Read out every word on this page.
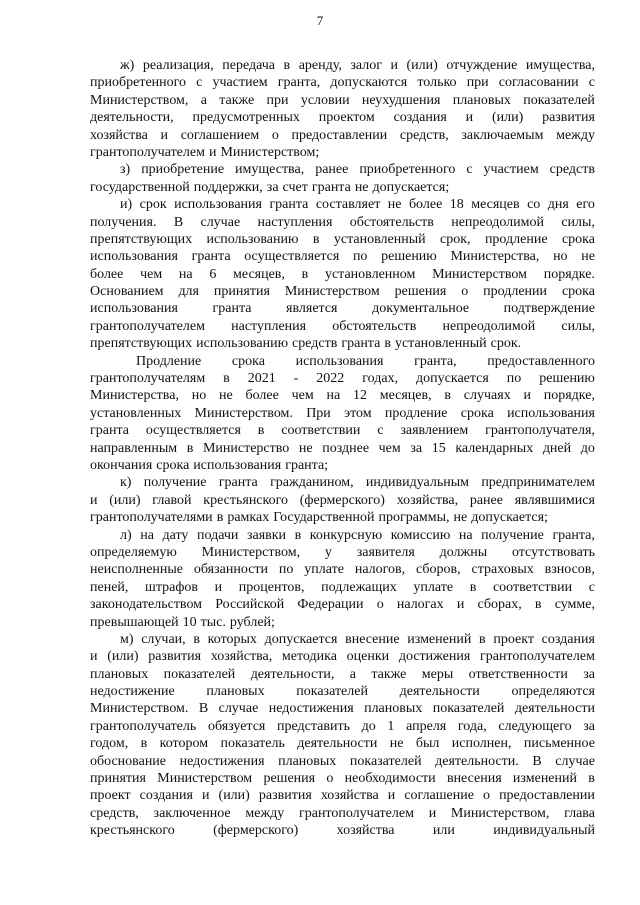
7
ж) реализация, передача в аренду, залог и (или) отчуждение имущества,
приобретенного с участием гранта, допускаются только при согласовании с
Министерством, а также при условии неухудшения плановых показателей
деятельности, предусмотренных проектом создания и (или) развития
хозяйства и соглашением о предоставлении средств, заключаемым между
грантополучателем и Министерством;
з) приобретение имущества, ранее приобретенного с участием средств
государственной поддержки, за счет гранта не допускается;
и) срок использования гранта составляет не более 18 месяцев со дня его
получения. В случае наступления обстоятельств непреодолимой силы,
препятствующих использованию в установленный срок, продление срока
использования гранта осуществляется по решению Министерства, но не
более чем на 6 месяцев, в установленном Министерством порядке.
Основанием для принятия Министерством решения о продлении срока
использования гранта является документальное подтверждение
грантополучателем наступления обстоятельств непреодолимой силы,
препятствующих использованию средств гранта в установленный срок.
Продление срока использования гранта, предоставленного
грантополучателям в 2021 - 2022 годах, допускается по решению
Министерства, но не более чем на 12 месяцев, в случаях и порядке,
установленных Министерством. При этом продление срока использования
гранта осуществляется в соответствии с заявлением грантополучателя,
направленным в Министерство не позднее чем за 15 календарных дней до
окончания срока использования гранта;
к) получение гранта гражданином, индивидуальным предпринимателем
и (или) главой крестьянского (фермерского) хозяйства, ранее являвшимися
грантополучателями в рамках Государственной программы, не допускается;
л) на дату подачи заявки в конкурсную комиссию на получение гранта,
определяемую Министерством, у заявителя должны отсутствовать
неисполненные обязанности по уплате налогов, сборов, страховых взносов,
пеней, штрафов и процентов, подлежащих уплате в соответствии с
законодательством Российской Федерации о налогах и сборах, в сумме,
превышающей 10 тыс. рублей;
м) случаи, в которых допускается внесение изменений в проект создания
и (или) развития хозяйства, методика оценки достижения грантополучателем
плановых показателей деятельности, а также меры ответственности за
недостижение плановых показателей деятельности определяются
Министерством. В случае недостижения плановых показателей деятельности
грантополучатель обязуется представить до 1 апреля года, следующего за
годом, в котором показатель деятельности не был исполнен, письменное
обоснование недостижения плановых показателей деятельности. В случае
принятия Министерством решения о необходимости внесения изменений в
проект создания и (или) развития хозяйства и соглашение о предоставлении
средств, заключенное между грантополучателем и Министерством, глава
крестьянского	(фермерского)	хозяйства	или	индивидуальный
